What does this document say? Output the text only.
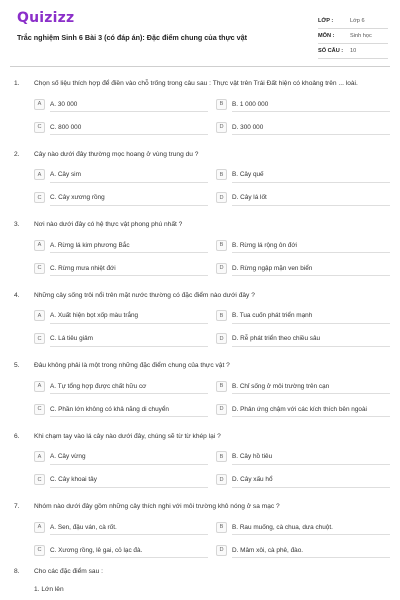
Quizizz
Trắc nghiệm Sinh 6 Bài 3 (có đáp án): Đặc điểm chung của thực vật
LỚP :	Lớp 6
MÔN :	Sinh học
SỐ CÂU :	10
1. Chọn số liệu thích hợp để điền vào chỗ trống trong câu sau : Thực vật trên Trái Đất hiện có khoảng trên ... loài.
A	A. 30 000	B	B. 1 000 000
C	C. 800 000	D	D. 300 000
2. Cây nào dưới đây thường mọc hoang ở vùng trung du ?
A	A. Cây sim	B	B. Cây quế
C	C. Cây xương rồng	D	D. Cây lá lốt
3. Nơi nào dưới đây có hệ thực vật phong phú nhất ?
A	A. Rừng lá kim phương Bắc	B	B. Rừng lá rộng ôn đới
C	C. Rừng mưa nhiệt đới	D	D. Rừng ngập mặn ven biển
4. Những cây sống trôi nổi trên mặt nước thường có đặc điểm nào dưới đây ?
A	A. Xuất hiện bọt xốp màu trắng	B	B. Tua cuốn phát triển mạnh
C	C. Lá tiêu giảm	D	D. Rễ phát triển theo chiều sâu
5. Đâu không phải là một trong những đặc điểm chung của thực vật ?
A	A. Tự tổng hợp được chất hữu cơ	B	B. Chỉ sống ở môi trường trên cạn
C	C. Phần lớn không có khả năng di chuyển	D	D. Phản ứng chậm với các kích thích bên ngoài
6. Khi chạm tay vào lá cây nào dưới đây, chúng sẽ từ từ khép lại ?
A	A. Cây vừng	B	B. Cây hồ tiêu
C	C. Cây khoai tây	D	D. Cây xấu hổ
7. Nhóm nào dưới đây gồm những cây thích nghi với môi trường khô nóng ở sa mạc ?
A	A. Sen, đậu ván, cà rốt.	B	B. Rau muống, cà chua, dưa chuột.
C	C. Xương rồng, lê gai, cỏ lạc đà.	D	D. Mâm xôi, cà phê, đào.
8. Cho các đặc điểm sau :
1. Lớn lên
